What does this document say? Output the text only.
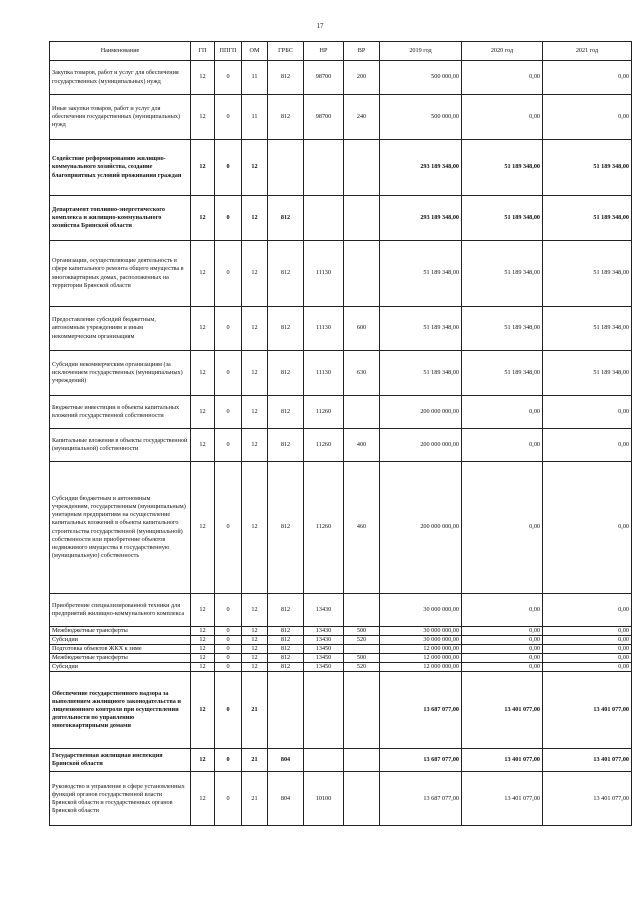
17
Наименование	ГП	ППГП	ОМ	ГРБС	НР	ВР	2019 год	2020 год	2021 год
Закупка товаров, работ и услуг для обеспечения государственных (муниципальных) нужд	12	0	11	812	98700	200	500 000,00	0,00	0,00
Иные закупки товаров, работ и услуг для обеспечения государственных (муниципальных) нужд	12	0	11	812	98700	240	500 000,00	0,00	0,00
Содействие реформированию жилищно-коммунального хозяйства, создание благоприятных условий проживания граждан	12	0	12				293 189 348,00	51 189 348,00	51 189 348,00
Департамент топливно-энергетического комплекса и жилищно-коммунального хозяйства Брянской области	12	0	12	812			293 189 348,00	51 189 348,00	51 189 348,00
Организации, осуществляющие деятельность в сфере капитального ремонта общего имущества в многоквартирных домах, расположенных на территории Брянской области	12	0	12	812	11130		51 189 348,00	51 189 348,00	51 189 348,00
Предоставление субсидий бюджетным, автономным учреждениям и иным некоммерческим организациям	12	0	12	812	11130	600	51 189 348,00	51 189 348,00	51 189 348,00
Субсидии некоммерческим организациям (за исключением государственных (муниципальных) учреждений)	12	0	12	812	11130	630	51 189 348,00	51 189 348,00	51 189 348,00
Бюджетные инвестиции в объекты капитальных вложений государственной собственности	12	0	12	812	11260		200 000 000,00	0,00	0,00
Капитальные вложения в объекты государственной (муниципальной) собственности	12	0	12	812	11260	400	200 000 000,00	0,00	0,00
Субсидии бюджетным и автономным учреждениям, государственным (муниципальным) унитарным предприятиям на осуществление капитальных вложений в объекты капитального строительства государственной (муниципальной) собственности или приобретение объектов недвижимого имущества в государственную (муниципальную) собственность	12	0	12	812	11260	460	200 000 000,00	0,00	0,00
Приобретение специализированной техники для предприятий жилищно-коммунального комплекса	12	0	12	812	13430		30 000 000,00	0,00	0,00
Межбюджетные трансферты	12	0	12	812	13430	500	30 000 000,00	0,00	0,00
Субсидии	12	0	12	812	13430	520	30 000 000,00	0,00	0,00
Подготовка объектов ЖКХ к зиме	12	0	12	812	13450		12 000 000,00	0,00	0,00
Межбюджетные трансферты	12	0	12	812	13450	500	12 000 000,00	0,00	0,00
Субсидии	12	0	12	812	13450	520	12 000 000,00	0,00	0,00
Обеспечение государственного надзора за выполнением жилищного законодательства и лицензионного контроля при осуществлении деятельности по управлению многоквартирными домами	12	0	21				13 687 077,00	13 401 077,00	13 401 077,00
Государственная жилищная инспекция Брянской области	12	0	21	804			13 687 077,00	13 401 077,00	13 401 077,00
Руководство и управление в сфере установленных функций органов государственной власти Брянской области и государственных органов Брянской области	12	0	21	804	10100		13 687 077,00	13 401 077,00	13 401 077,00
